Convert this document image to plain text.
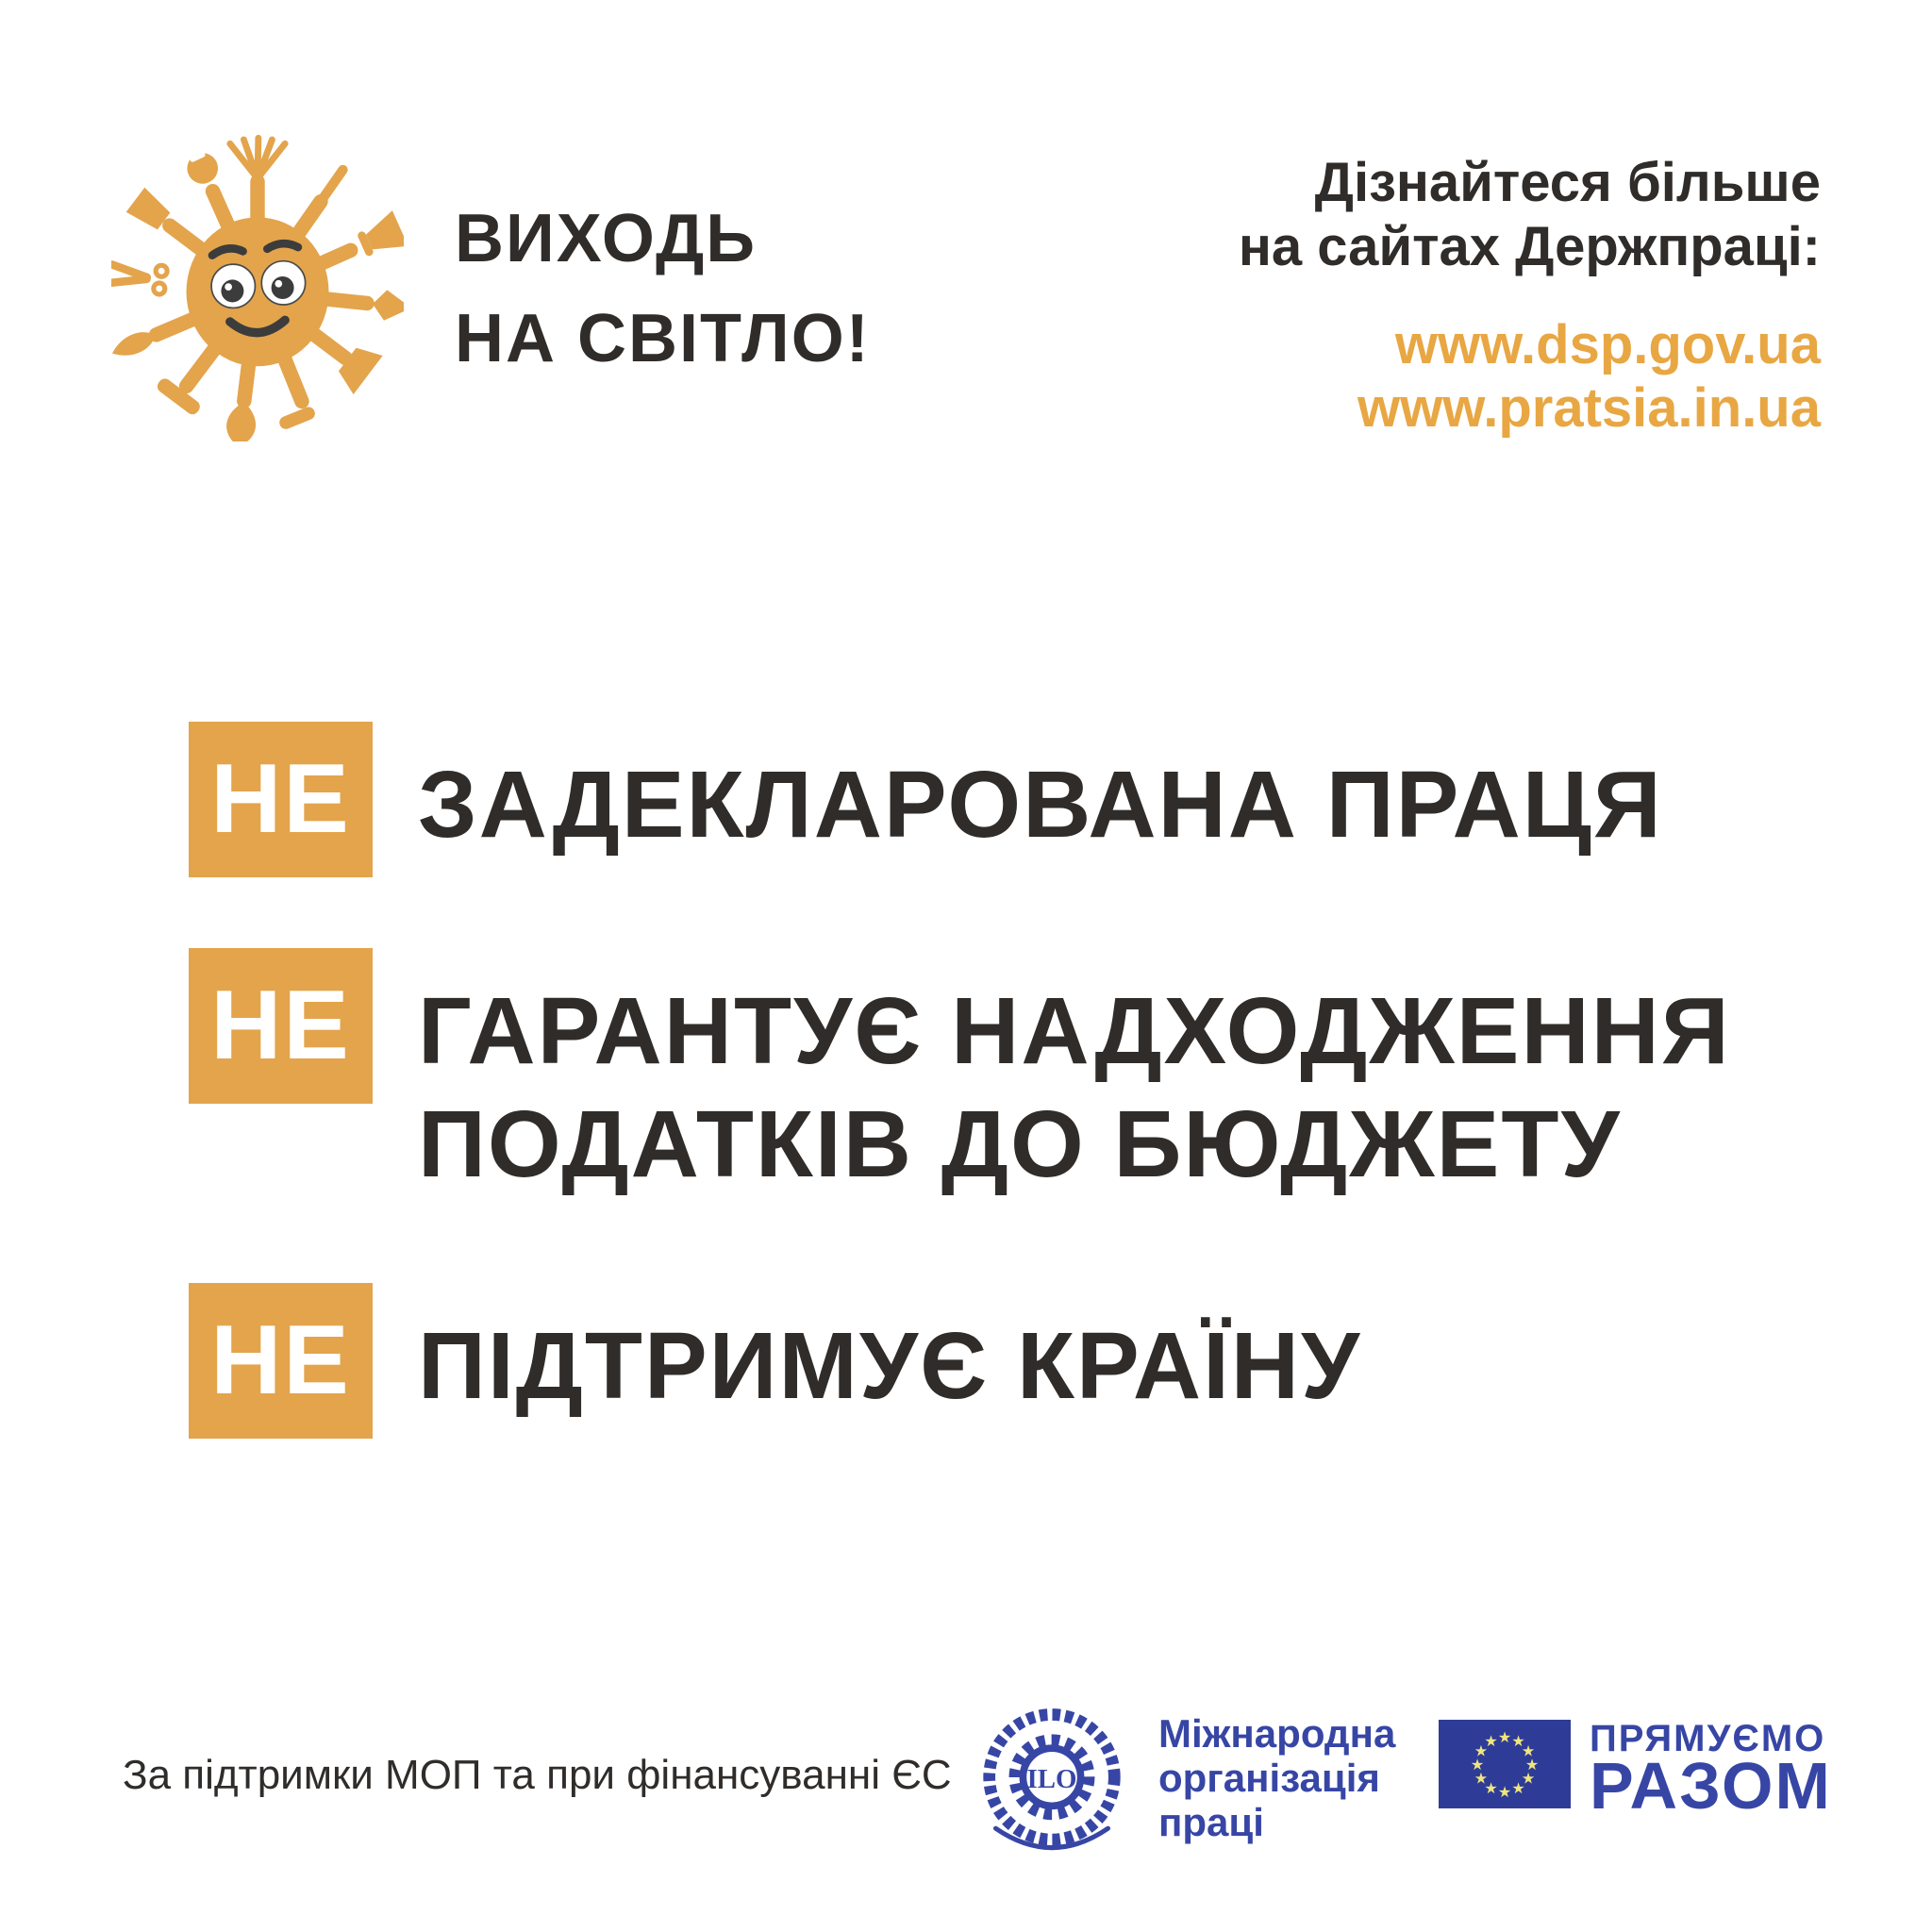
ВИХОДЬ
НА СВІТЛО!
Дізнайтеся більше
на сайтах Держпраці:
www.dsp.gov.ua
www.pratsia.in.ua
НЕ ЗАДЕКЛАРОВАНА ПРАЦЯ
НЕ ГАРАНТУЄ НАДХОДЖЕННЯ
ПОДАТКІВ ДО БЮДЖЕТУ
НЕ ПІДТРИМУЄ КРАЇНУ
За підтримки МОП та при фінансуванні ЄС ILO
Міжнародна
організація
праці
★ ★
★
★
★
★
★
★
★
★
★
★ ПРЯМУЄМО
РАЗОМ
